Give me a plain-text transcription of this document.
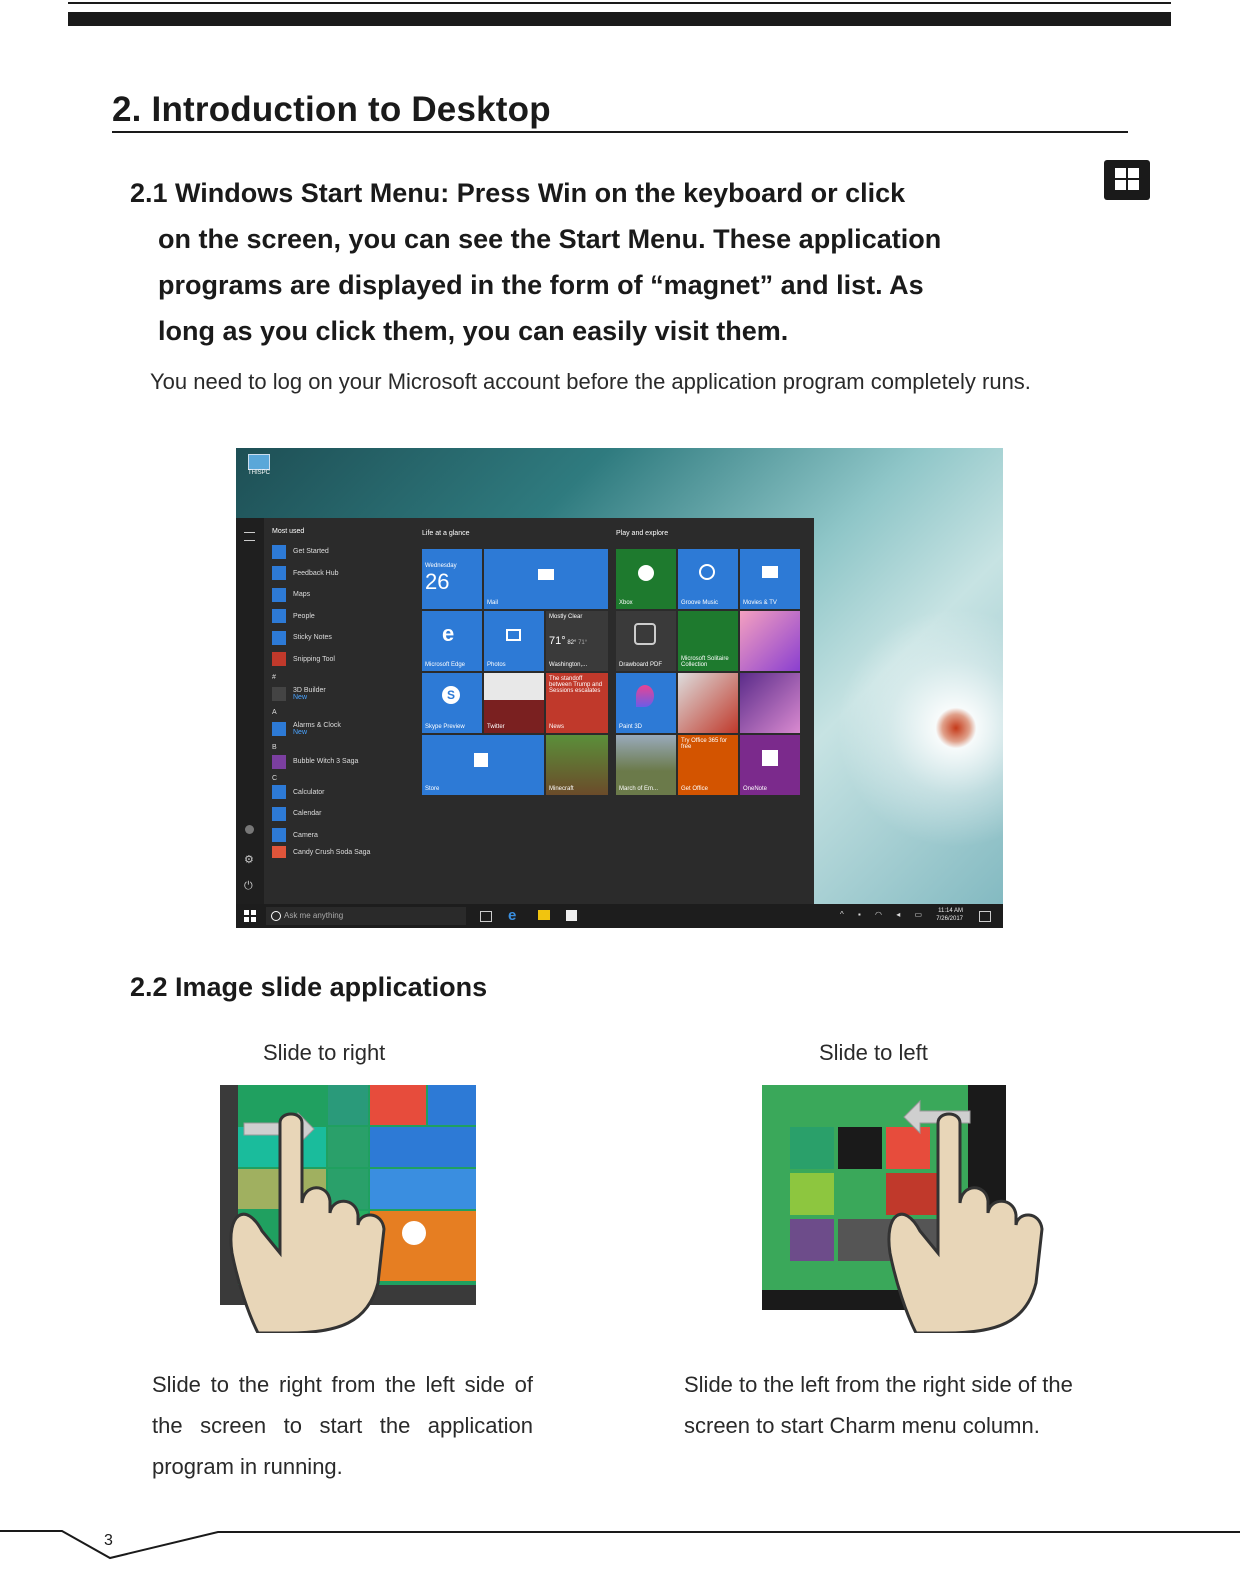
2. Introduction to Desktop
2.1 Windows Start Menu: Press Win on the keyboard or click
on the screen, you can see the Start Menu. These application
programs are displayed in the form of “magnet” and list. As
long as you click them, you can easily visit them.
You need to log on your Microsoft account before the application program completely runs.
THISPC
⚙
⏻
Most used
Get Started
Feedback Hub
Maps
People
Sticky Notes
Snipping Tool
#
3D Builder
New
A
Alarms & Clock
New
B
Bubble Witch 3 Saga
C
Calculator
Calendar
Camera
Candy Crush Soda Saga
Life at a glance	Play and explore
Wednesday
26
Mail
e
Microsoft Edge	Photos
Mostly Clear
71° 82° 71°
Washington,...
S
Skype Preview	Twitter
The standoff between Trump and Sessions escalates
News
Store	Minecraft
Xbox	Groove Music	Movies & TV
Drawboard PDF
Microsoft Solitaire Collection
Paint 3D
March of Em...
Try Office 365 for free
Get Office	OneNote
Ask me anything	e	^ ▪ ◠ ◂ ▭ 11:14 AM
7/26/2017
2.2 Image slide applications
Slide to right	Slide to left
Slide to the right from the left side of the screen to start the application program in running.
Slide to the left from the right side of the screen to start Charm menu column.
3
